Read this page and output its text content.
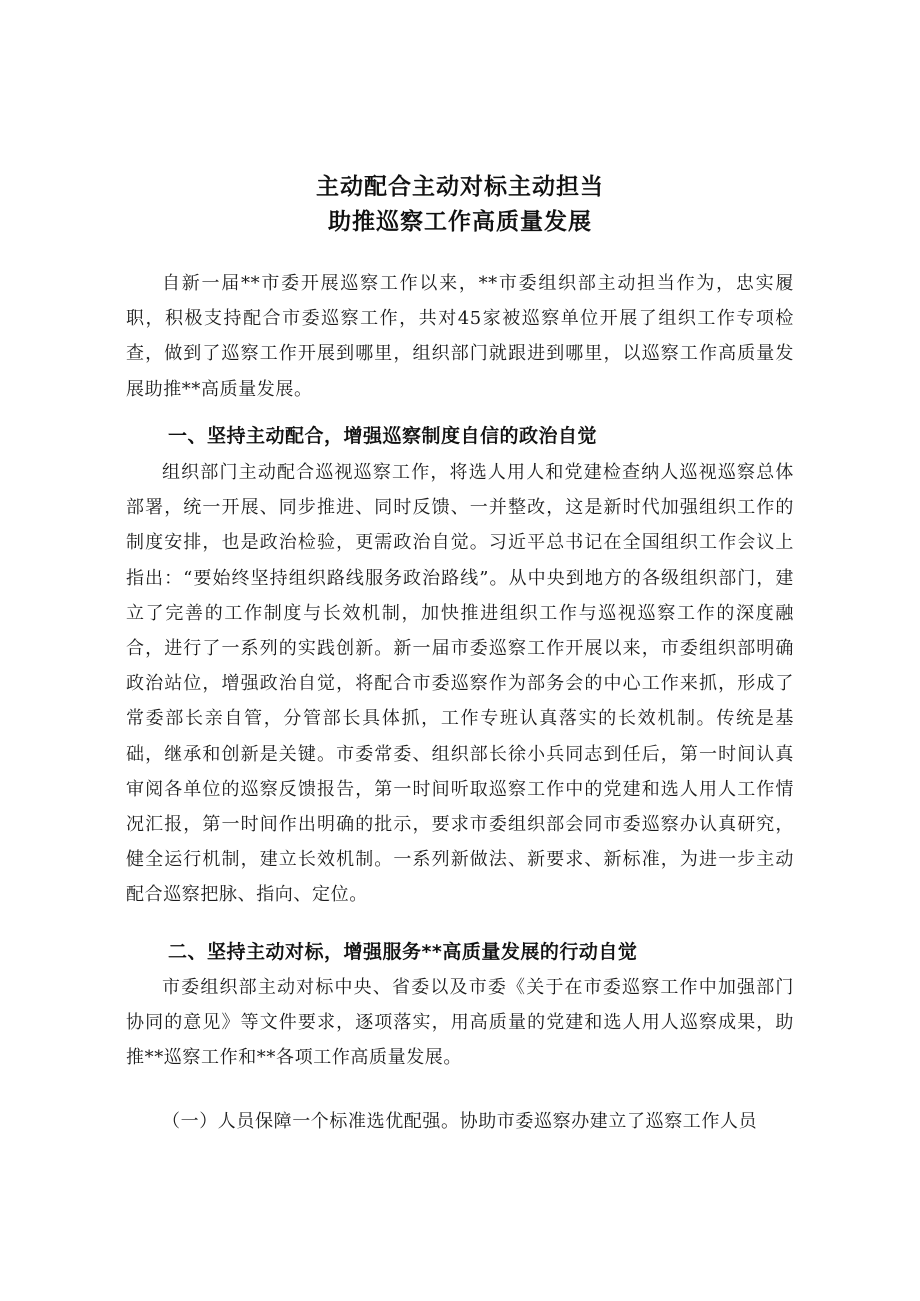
主动配合主动对标主动担当
助推巡察工作高质量发展

自新一届**市委开展巡察工作以来，**市委组织部主动担当作为，忠实履职，积极支持配合市委巡察工作，共对45家被巡察单位开展了组织工作专项检查，做到了巡察工作开展到哪里，组织部门就跟进到哪里，以巡察工作高质量发展助推**高质量发展。

一、坚持主动配合，增强巡察制度自信的政治自觉

组织部门主动配合巡视巡察工作，将选人用人和党建检查纳人巡视巡察总体部署，统一开展、同步推进、同时反馈、一并整改，这是新时代加强组织工作的制度安排，也是政治检验，更需政治自觉。习近平总书记在全国组织工作会议上指出：“要始终坚持组织路线服务政治路线”。从中央到地方的各级组织部门，建立了完善的工作制度与长效机制，加快推进组织工作与巡视巡察工作的深度融合，进行了一系列的实践创新。新一届市委巡察工作开展以来，市委组织部明确政治站位，增强政治自觉，将配合市委巡察作为部务会的中心工作来抓，形成了常委部长亲自管，分管部长具体抓，工作专班认真落实的长效机制。传统是基础，继承和创新是关键。市委常委、组织部长徐小兵同志到任后，第一时间认真审阅各单位的巡察反馈报告，第一时间听取巡察工作中的党建和选人用人工作情况汇报，第一时间作出明确的批示，要求市委组织部会同市委巡察办认真研究，健全运行机制，建立长效机制。一系列新做法、新要求、新标准，为进一步主动配合巡察把脉、指向、定位。

二、坚持主动对标，增强服务**高质量发展的行动自觉

市委组织部主动对标中央、省委以及市委《关于在市委巡察工作中加强部门协同的意见》等文件要求，逐项落实，用高质量的党建和选人用人巡察成果，助推**巡察工作和**各项工作高质量发展。

（一）人员保障一个标准选优配强。协助市委巡察办建立了巡察工作人员
